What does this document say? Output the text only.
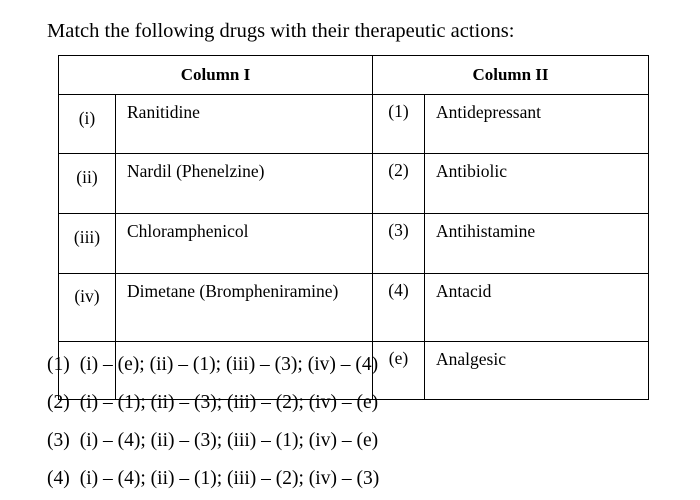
Match the following drugs with their therapeutic actions:
Column I		Column II	
(i)	Ranitidine	(1)	Antidepressant
(ii)	Nardil (Phenelzine)	(2)	Antibiolic
(iii)	Chloramphenicol	(3)	Antihistamine
(iv)	Dimetane (Brompheniramine)	(4)	Antacid
		(e)	Analgesic
(1) (i) – (e); (ii) – (1); (iii) – (3); (iv) – (4)
(2) (i) – (1); (ii) – (3); (iii) – (2); (iv) – (e)
(3) (i) – (4); (ii) – (3); (iii) – (1); (iv) – (e)
(4) (i) – (4); (ii) – (1); (iii) – (2); (iv) – (3)
